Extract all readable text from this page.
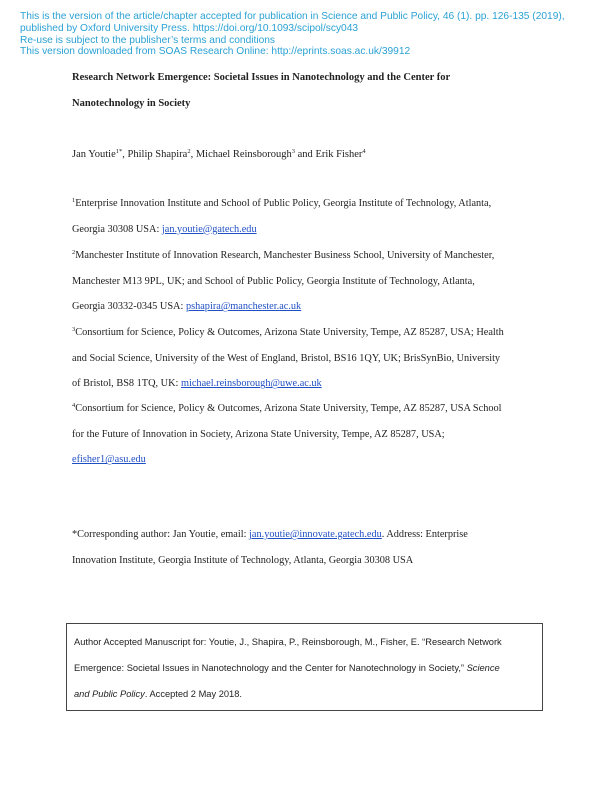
This is the version of the article/chapter accepted for publication in Science and Public Policy, 46 (1). pp. 126-135 (2019),
published by Oxford University Press. https://doi.org/10.1093/scipol/scy043
Re-use is subject to the publisher’s terms and conditions
This version downloaded from SOAS Research Online: http://eprints.soas.ac.uk/39912
Research Network Emergence: Societal Issues in Nanotechnology and the Center for
Nanotechnology in Society
Jan Youtie$^{1*}$, Philip Shapira$^2$, Michael Reinsborough$^3$ and Erik Fisher$^4$
$^1$Enterprise Innovation Institute and School of Public Policy, Georgia Institute of Technology, Atlanta,
Georgia 30308 USA: jan.youtie@gatech.edu
$^2$Manchester Institute of Innovation Research, Manchester Business School, University of Manchester,
Manchester M13 9PL, UK; and School of Public Policy, Georgia Institute of Technology, Atlanta,
Georgia 30332-0345 USA: pshapira@manchester.ac.uk
$^3$Consortium for Science, Policy & Outcomes, Arizona State University, Tempe, AZ 85287, USA; Health
and Social Science, University of the West of England, Bristol, BS16 1QY, UK; BrisSynBio, University
of Bristol, BS8 1TQ, UK: michael.reinsborough@uwe.ac.uk
$^4$Consortium for Science, Policy & Outcomes, Arizona State University, Tempe, AZ 85287, USA School
for the Future of Innovation in Society, Arizona State University, Tempe, AZ 85287, USA;
efisher1@asu.edu
*Corresponding author: Jan Youtie, email: jan.youtie@innovate.gatech.edu. Address: Enterprise
Innovation Institute, Georgia Institute of Technology, Atlanta, Georgia 30308 USA
Author Accepted Manuscript for: Youtie, J., Shapira, P., Reinsborough, M., Fisher, E. “Research Network
Emergence: Societal Issues in Nanotechnology and the Center for Nanotechnology in Society,” Science
and Public Policy. Accepted 2 May 2018.
